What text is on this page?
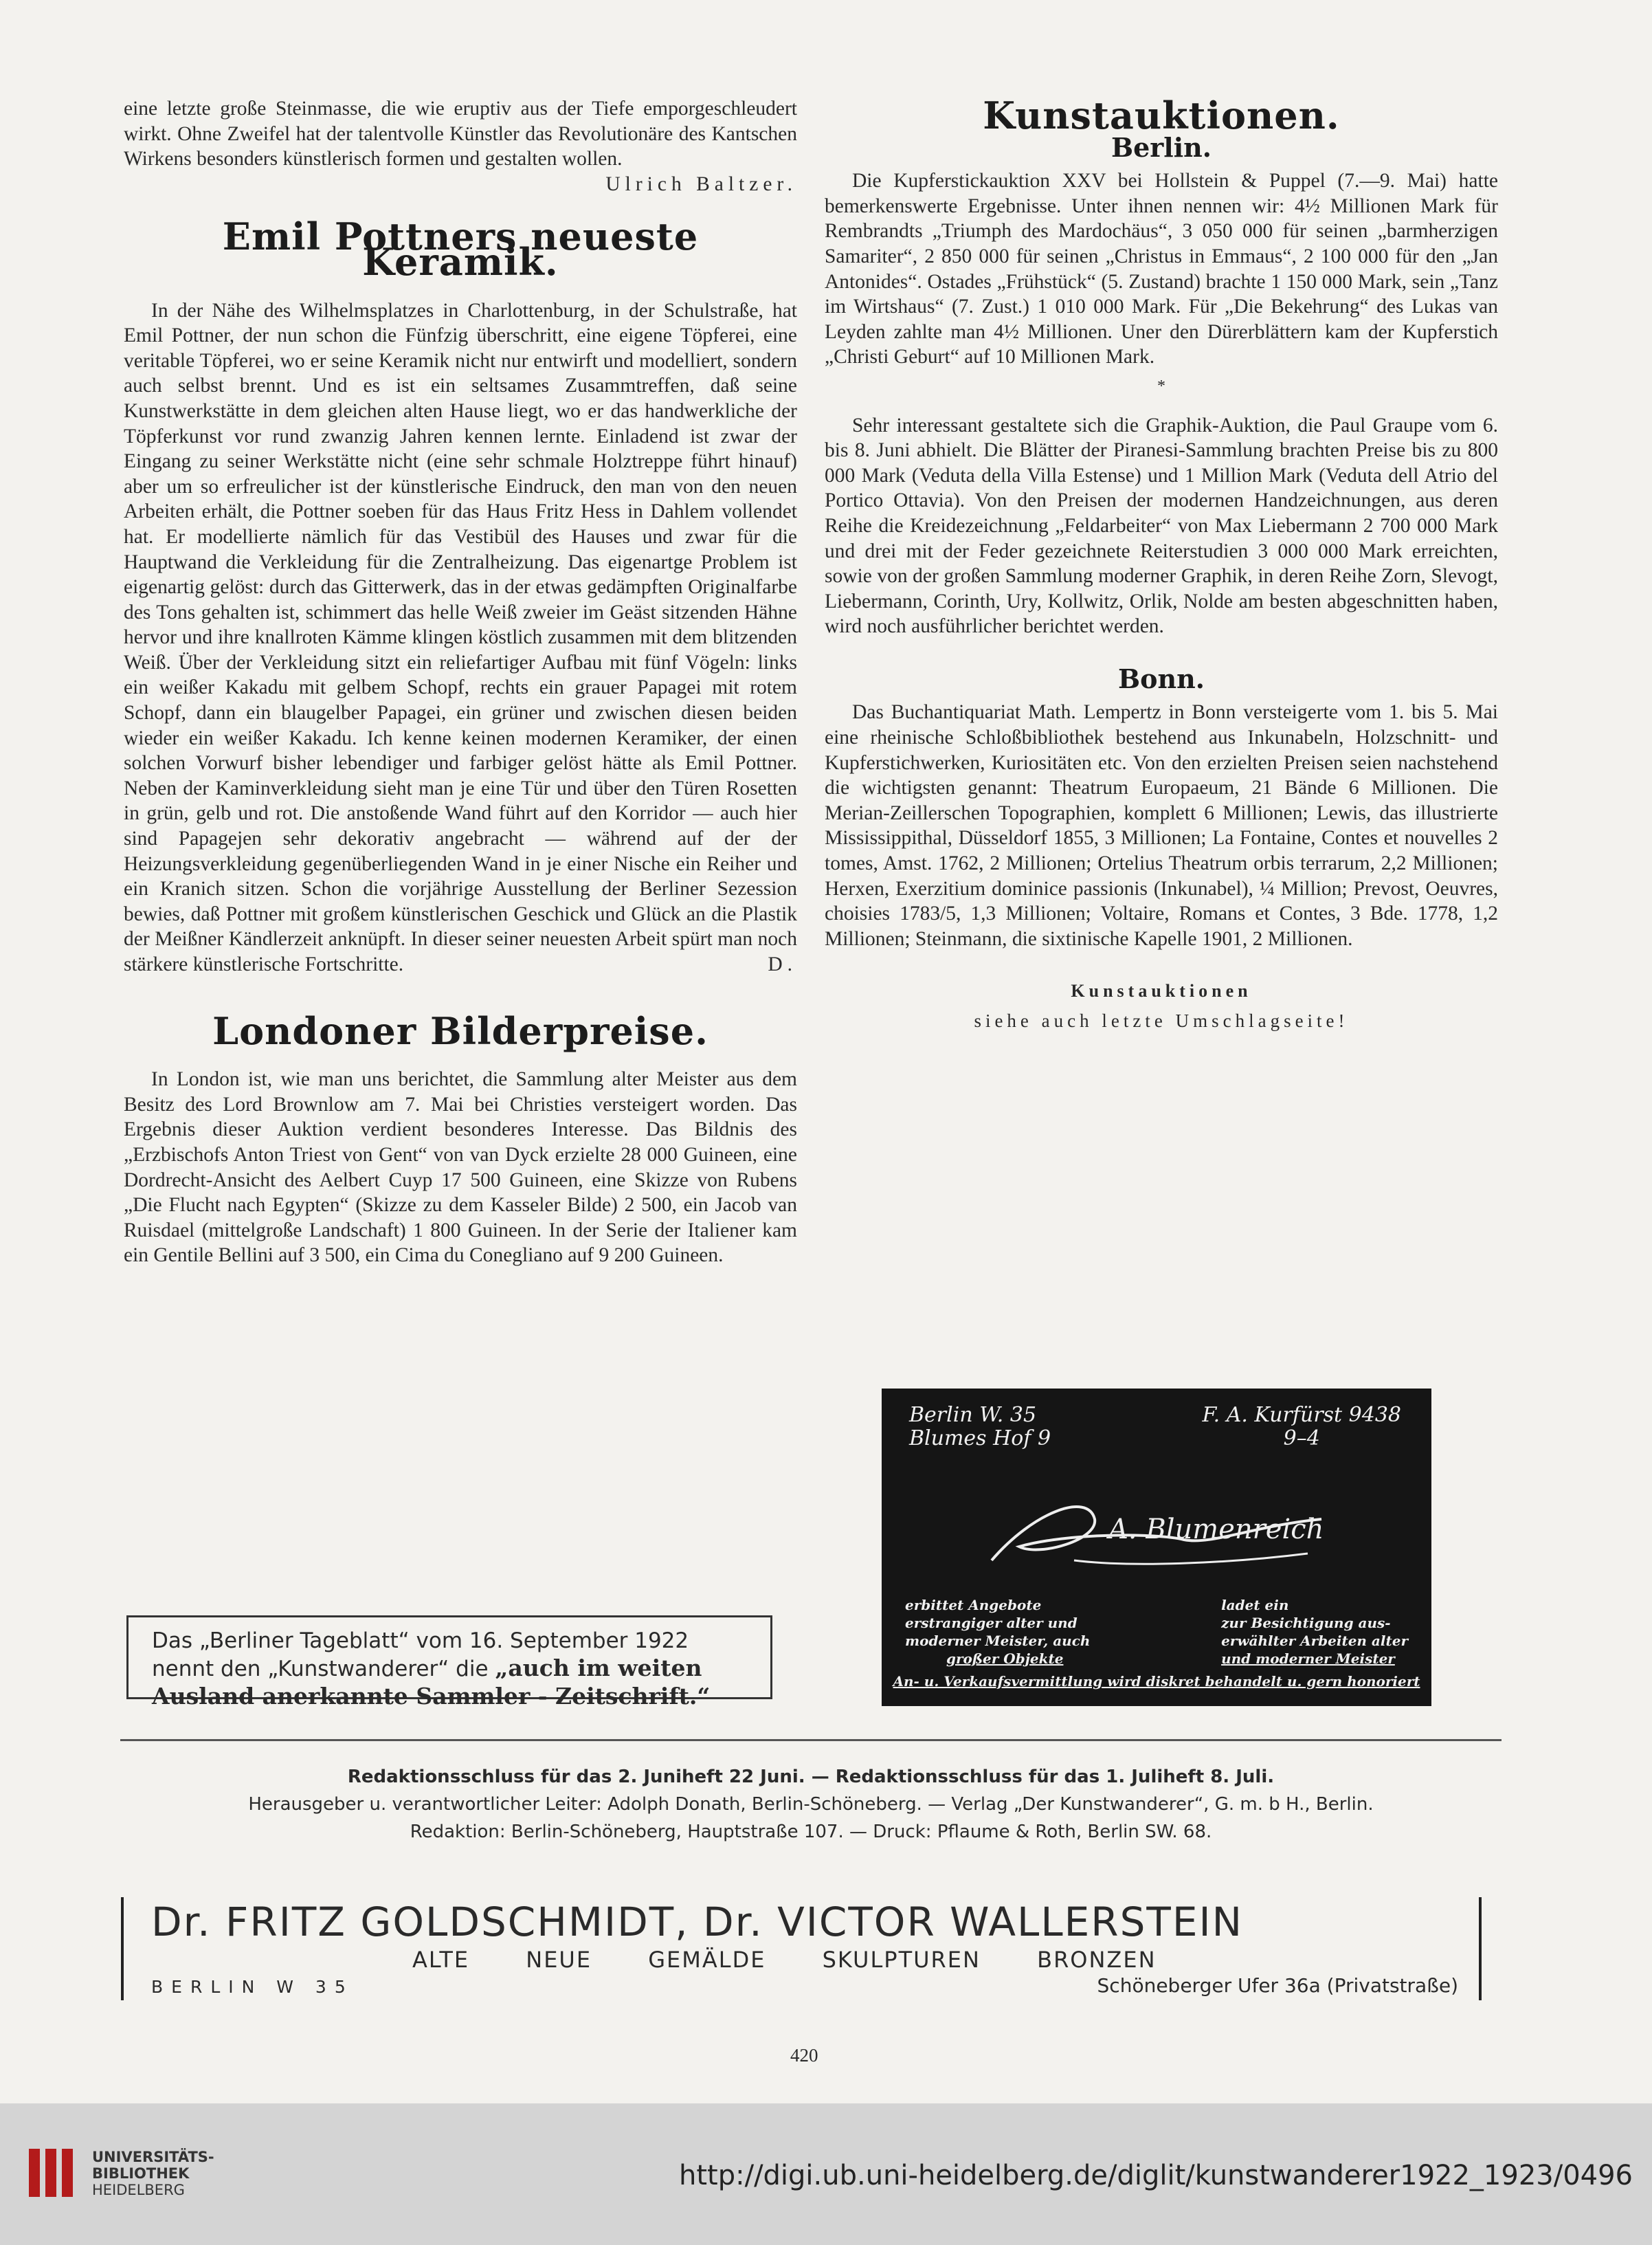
eine letzte große Steinmasse, die wie eruptiv aus der Tiefe emporgeschleudert wirkt. Ohne Zweifel hat der talentvolle Künstler das Revolutionäre des Kantschen Wirkens besonders künstlerisch formen und gestalten wollen.
Ulrich Baltzer.

Emil Pottners neueste Keramik.

In der Nähe des Wilhelmsplatzes in Charlottenburg, in der Schulstraße, hat Emil Pottner, der nun schon die Fünfzig überschritt, eine eigene Töpferei, eine veritable Töpferei, wo er seine Keramik nicht nur entwirft und modelliert, sondern auch selbst brennt. Und es ist ein seltsames Zusammtreffen, daß seine Kunstwerkstätte in dem gleichen alten Hause liegt, wo er das handwerkliche der Töpferkunst vor rund zwanzig Jahren kennen lernte. Einladend ist zwar der Eingang zu seiner Werkstätte nicht (eine sehr schmale Holztreppe führt hinauf) aber um so erfreulicher ist der künstlerische Eindruck, den man von den neuen Arbeiten erhält, die Pottner soeben für das Haus Fritz Hess in Dahlem vollendet hat. Er modellierte nämlich für das Vestibül des Hauses und zwar für die Hauptwand die Verkleidung für die Zentralheizung. Das eigenartge Problem ist eigenartig gelöst: durch das Gitterwerk, das in der etwas gedämpften Originalfarbe des Tons gehalten ist, schimmert das helle Weiß zweier im Geäst sitzenden Hähne hervor und ihre knallroten Kämme klingen köstlich zusammen mit dem blitzenden Weiß. Über der Verkleidung sitzt ein reliefartiger Aufbau mit fünf Vögeln: links ein weißer Kakadu mit gelbem Schopf, rechts ein grauer Papagei mit rotem Schopf, dann ein blaugelber Papagei, ein grüner und zwischen diesen beiden wieder ein weißer Kakadu. Ich kenne keinen modernen Keramiker, der einen solchen Vorwurf bisher lebendiger und farbiger gelöst hätte als Emil Pottner. Neben der Kaminverkleidung sieht man je eine Tür und über den Türen Rosetten in grün, gelb und rot. Die anstoßende Wand führt auf den Korridor — auch hier sind Papagejen sehr dekorativ angebracht — während auf der der Heizungsverkleidung gegenüberliegenden Wand in je einer Nische ein Reiher und ein Kranich sitzen. Schon die vorjährige Ausstellung der Berliner Sezession bewies, daß Pottner mit großem künstlerischen Geschick und Glück an die Plastik der Meißner Kändlerzeit anknüpft. In dieser seiner neuesten Arbeit spürt man noch stärkere künstlerische Fortschritte.	D.

Londoner Bilderpreise.

In London ist, wie man uns berichtet, die Sammlung alter Meister aus dem Besitz des Lord Brownlow am 7. Mai bei Christies versteigert worden. Das Ergebnis dieser Auktion verdient besonderes Interesse. Das Bildnis des „Erzbischofs Anton Triest von Gent“ von van Dyck erzielte 28 000 Guineen, eine Dordrecht-Ansicht des Aelbert Cuyp 17 500 Guineen, eine Skizze von Rubens „Die Flucht nach Egypten“ (Skizze zu dem Kasseler Bilde) 2 500, ein Jacob van Ruisdael (mittelgroße Landschaft) 1 800 Guineen. In der Serie der Italiener kam ein Gentile Bellini auf 3 500, ein Cima du Conegliano auf 9 200 Guineen.

Das „Berliner Tageblatt“ vom 16. September 1922 nennt den „Kunstwanderer“ die „auch im weiten Ausland anerkannte Sammler - Zeitschrift.“
Kunstauktionen.
Berlin.

Die Kupferstickauktion XXV bei Hollstein & Puppel (7.—9. Mai) hatte bemerkenswerte Ergebnisse. Unter ihnen nennen wir: 4½ Millionen Mark für Rembrandts „Triumph des Mardochäus“, 3 050 000 für seinen „barmherzigen Samariter“, 2 850 000 für seinen „Christus in Emmaus“, 2 100 000 für den „Jan Antonides“. Ostades „Frühstück“ (5. Zustand) brachte 1 150 000 Mark, sein „Tanz im Wirtshaus“ (7. Zust.) 1 010 000 Mark. Für „Die Bekehrung“ des Lukas van Leyden zahlte man 4½ Millionen. Uner den Dürerblättern kam der Kupferstich „Christi Geburt“ auf 10 Millionen Mark.

*

Sehr interessant gestaltete sich die Graphik-Auktion, die Paul Graupe vom 6. bis 8. Juni abhielt. Die Blätter der Piranesi-Sammlung brachten Preise bis zu 800 000 Mark (Veduta della Villa Estense) und 1 Million Mark (Veduta dell Atrio del Portico Ottavia). Von den Preisen der modernen Handzeichnungen, aus deren Reihe die Kreidezeichnung „Feldarbeiter“ von Max Liebermann 2 700 000 Mark und drei mit der Feder gezeichnete Reiterstudien 3 000 000 Mark erreichten, sowie von der großen Sammlung moderner Graphik, in deren Reihe Zorn, Slevogt, Liebermann, Corinth, Ury, Kollwitz, Orlik, Nolde am besten abgeschnitten haben, wird noch ausführlicher berichtet werden.

Bonn.

Das Buchantiquariat Math. Lempertz in Bonn versteigerte vom 1. bis 5. Mai eine rheinische Schloßbibliothek bestehend aus Inkunabeln, Holzschnitt- und Kupferstichwerken, Kuriositäten etc. Von den erzielten Preisen seien nachstehend die wichtigsten genannt: Theatrum Europaeum, 21 Bände 6 Millionen. Die Merian-Zeillerschen Topographien, komplett 6 Millionen; Lewis, das illustrierte Mississippithal, Düsseldorf 1855, 3 Millionen; La Fontaine, Contes et nouvelles 2 tomes, Amst. 1762, 2 Millionen; Ortelius Theatrum orbis terrarum, 2,2 Millionen; Herxen, Exerzitium dominice passionis (Inkunabel), ¼ Million; Prevost, Oeuvres, choisies 1783/5, 1,3 Millionen; Voltaire, Romans et Contes, 3 Bde. 1778, 1,2 Millionen; Steinmann, die sixtinische Kapelle 1901, 2 Millionen.

Kunstauktionen
siehe auch letzte Umschlagseite!
Berlin W. 35
Blumes Hof 9
F. A. Kurfürst 9438
9–4
A. Blumenreich
erbittet Angebote
erstrangiger alter und
moderner Meister, auch
großer Objekte
ladet ein
zur Besichtigung aus-
erwählter Arbeiten alter
und moderner Meister
An- u. Verkaufsvermittlung wird diskret behandelt u. gern honoriert
Redaktionsschluss für das 2. Juniheft 22 Juni. — Redaktionsschluss für das 1. Juliheft 8. Juli.
Herausgeber u. verantwortlicher Leiter: Adolph Donath, Berlin-Schöneberg. — Verlag „Der Kunstwanderer“, G. m. b H., Berlin.
Redaktion: Berlin-Schöneberg, Hauptstraße 107. — Druck: Pflaume & Roth, Berlin SW. 68.
Dr. FRITZ GOLDSCHMIDT, Dr. VICTOR WALLERSTEIN
ALTE NEUE GEMÄLDE SKULPTUREN BRONZEN
BERLIN W 35	Schöneberger Ufer 36a (Privatstraße)
420
UNIVERSITÄTS-
BIBLIOTHEK
HEIDELBERG	http://digi.ub.uni-heidelberg.de/diglit/kunstwanderer1922_1923/0496
